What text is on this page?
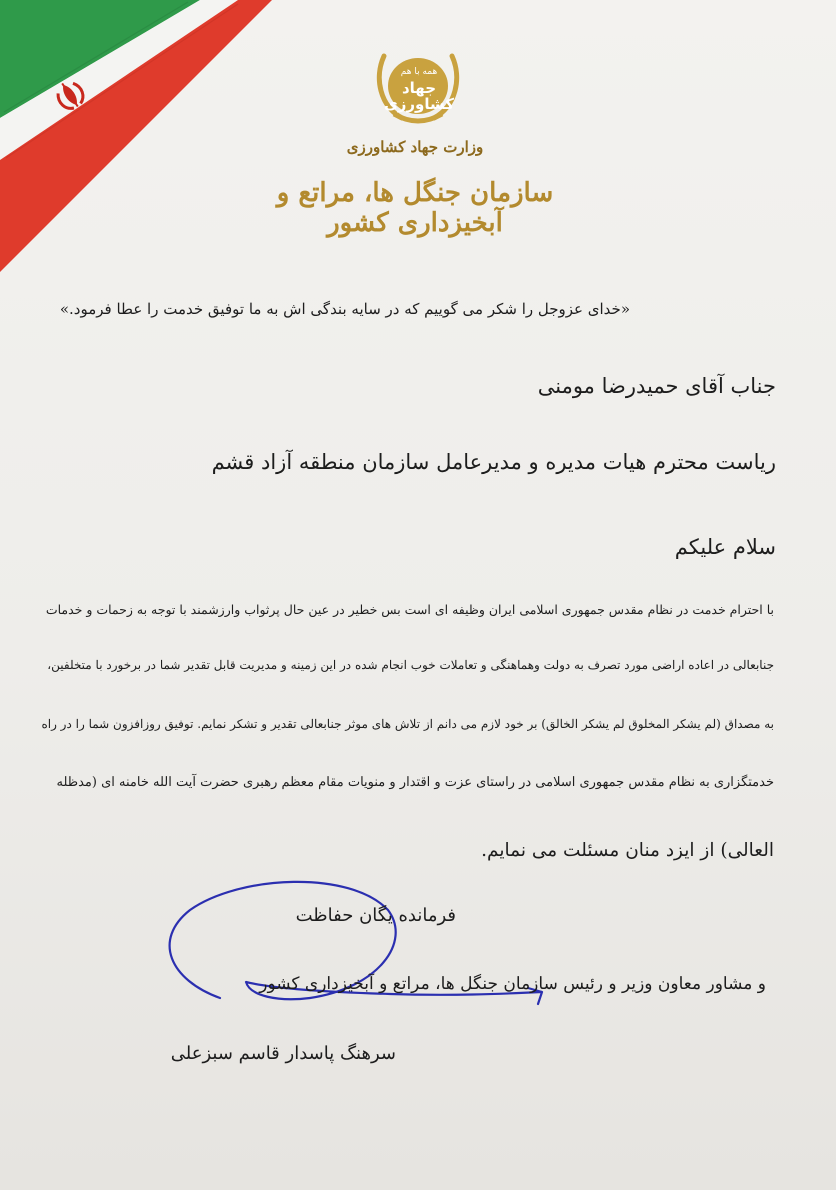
همه با هم
جهاد کشاورزی
وزارت جهاد کشاورزی
سازمان جنگل ها، مراتع و آبخیزداری کشور
«خدای عزوجل را شکر می گوییم که در سایه بندگی اش به ما توفیق خدمت را عطا فرمود.»
جناب آقای حمیدرضا مومنی
ریاست محترم هیات مدیره و مدیرعامل سازمان منطقه آزاد قشم
سلام علیکم
با احترام خدمت در نظام مقدس جمهوری اسلامی ایران وظیفه ای است بس خطیر در عین حال پرثواب وارزشمند با توجه به زحمات و خدمات
جنابعالی در اعاده اراضی مورد تصرف به دولت وهماهنگی و تعاملات خوب انجام شده در این زمینه و مدیریت قابل تقدیر شما در برخورد با متخلفین،
به مصداق (لم یشکر المخلوق لم یشکر الخالق) بر خود لازم می دانم از تلاش های موثر جنابعالی تقدیر و تشکر نمایم. توفیق روزافزون شما را در راه
خدمتگزاری به نظام مقدس جمهوری اسلامی در راستای عزت و اقتدار و منویات مقام معظم رهبری حضرت آیت الله خامنه ای (مدظله
العالی) از ایزد منان مسئلت می نمایم.
فرمانده یگان حفاظت
و مشاور معاون وزیر و رئیس سازمان جنگل ها، مراتع و آبخیزداری کشور
سرهنگ پاسدار قاسم سبزعلی
